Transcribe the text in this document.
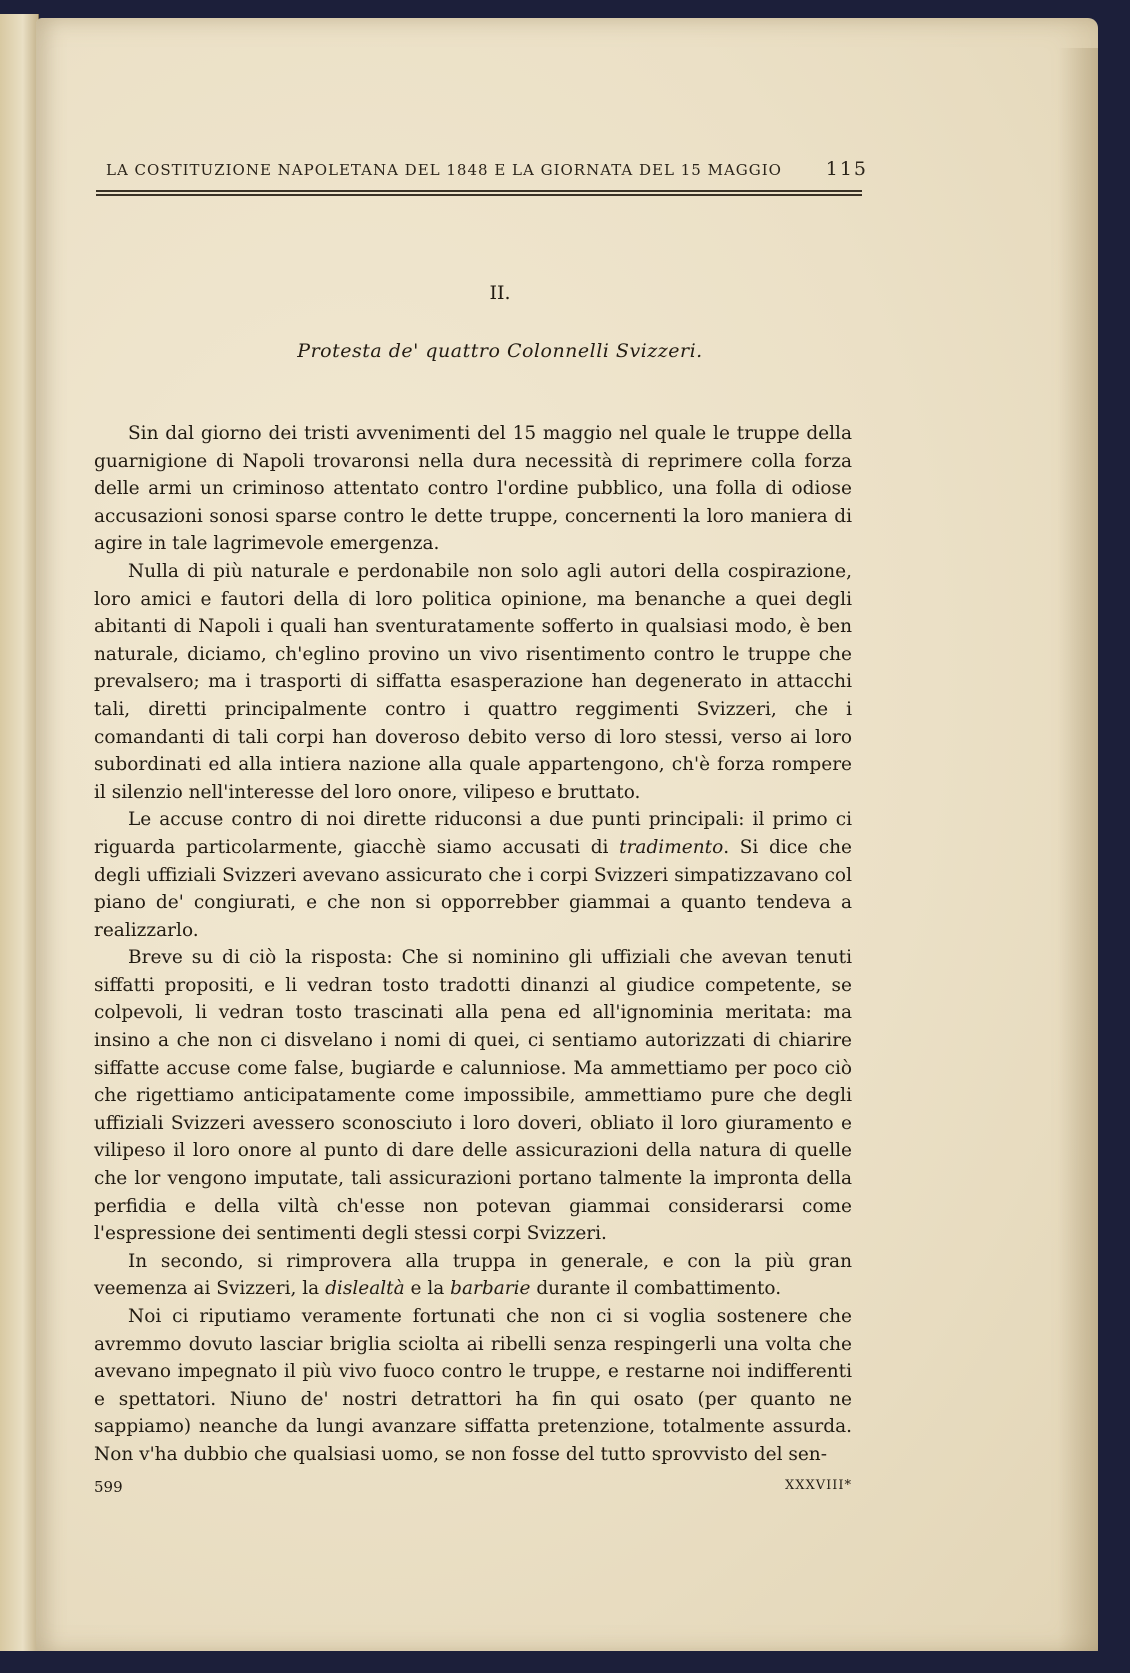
LA COSTITUZIONE NAPOLETANA DEL 1848 E LA GIORNATA DEL 15 MAGGIO 115
II.
Protesta de' quattro Colonnelli Svizzeri.

Sin dal giorno dei tristi avvenimenti del 15 maggio nel quale le truppe della guarnigione di Napoli trovaronsi nella dura necessità di reprimere colla forza delle armi un criminoso attentato contro l'ordine pubblico, una folla di odiose accusazioni sonosi sparse contro le dette truppe, concernenti la loro maniera di agire in tale lagrimevole emergenza.

Nulla di più naturale e perdonabile non solo agli autori della cospirazione, loro amici e fautori della di loro politica opinione, ma benanche a quei degli abitanti di Napoli i quali han sventuratamente sofferto in qualsiasi modo, è ben naturale, diciamo, ch'eglino provino un vivo risentimento contro le truppe che prevalsero; ma i trasporti di siffatta esasperazione han degenerato in attacchi tali, diretti principalmente contro i quattro reggimenti Svizzeri, che i comandanti di tali corpi han doveroso debito verso di loro stessi, verso ai loro subordinati ed alla intiera nazione alla quale appartengono, ch'è forza rompere il silenzio nell'interesse del loro onore, vilipeso e bruttato.

Le accuse contro di noi dirette riduconsi a due punti principali: il primo ci riguarda particolarmente, giacchè siamo accusati di tradimento. Si dice che degli uffiziali Svizzeri avevano assicurato che i corpi Svizzeri simpatizzavano col piano de' congiurati, e che non si opporrebber giammai a quanto tendeva a realizzarlo.

Breve su di ciò la risposta: Che si nominino gli uffiziali che avevan tenuti siffatti propositi, e li vedran tosto tradotti dinanzi al giudice competente, se colpevoli, li vedran tosto trascinati alla pena ed all'ignominia meritata: ma insino a che non ci disvelano i nomi di quei, ci sentiamo autorizzati di chiarire siffatte accuse come false, bugiarde e calunniose. Ma ammettiamo per poco ciò che rigettiamo anticipatamente come impossibile, ammettiamo pure che degli uffiziali Svizzeri avessero sconosciuto i loro doveri, obliato il loro giuramento e vilipeso il loro onore al punto di dare delle assicurazioni della natura di quelle che lor vengono imputate, tali assicurazioni portano talmente la impronta della perfidia e della viltà ch'esse non potevan giammai considerarsi come l'espressione dei sentimenti degli stessi corpi Svizzeri.

In secondo, si rimprovera alla truppa in generale, e con la più gran veemenza ai Svizzeri, la dislealtà e la barbarie durante il combattimento.

Noi ci riputiamo veramente fortunati che non ci si voglia sostenere che avremmo dovuto lasciar briglia sciolta ai ribelli senza respingerli una volta che avevano impegnato il più vivo fuoco contro le truppe, e restarne noi indifferenti e spettatori. Niuno de' nostri detrattori ha fin qui osato (per quanto ne sappiamo) neanche da lungi avanzare siffatta pretenzione, totalmente assurda. Non v'ha dubbio che qualsiasi uomo, se non fosse del tutto sprovvisto del sen-

599	XXXVIII*
